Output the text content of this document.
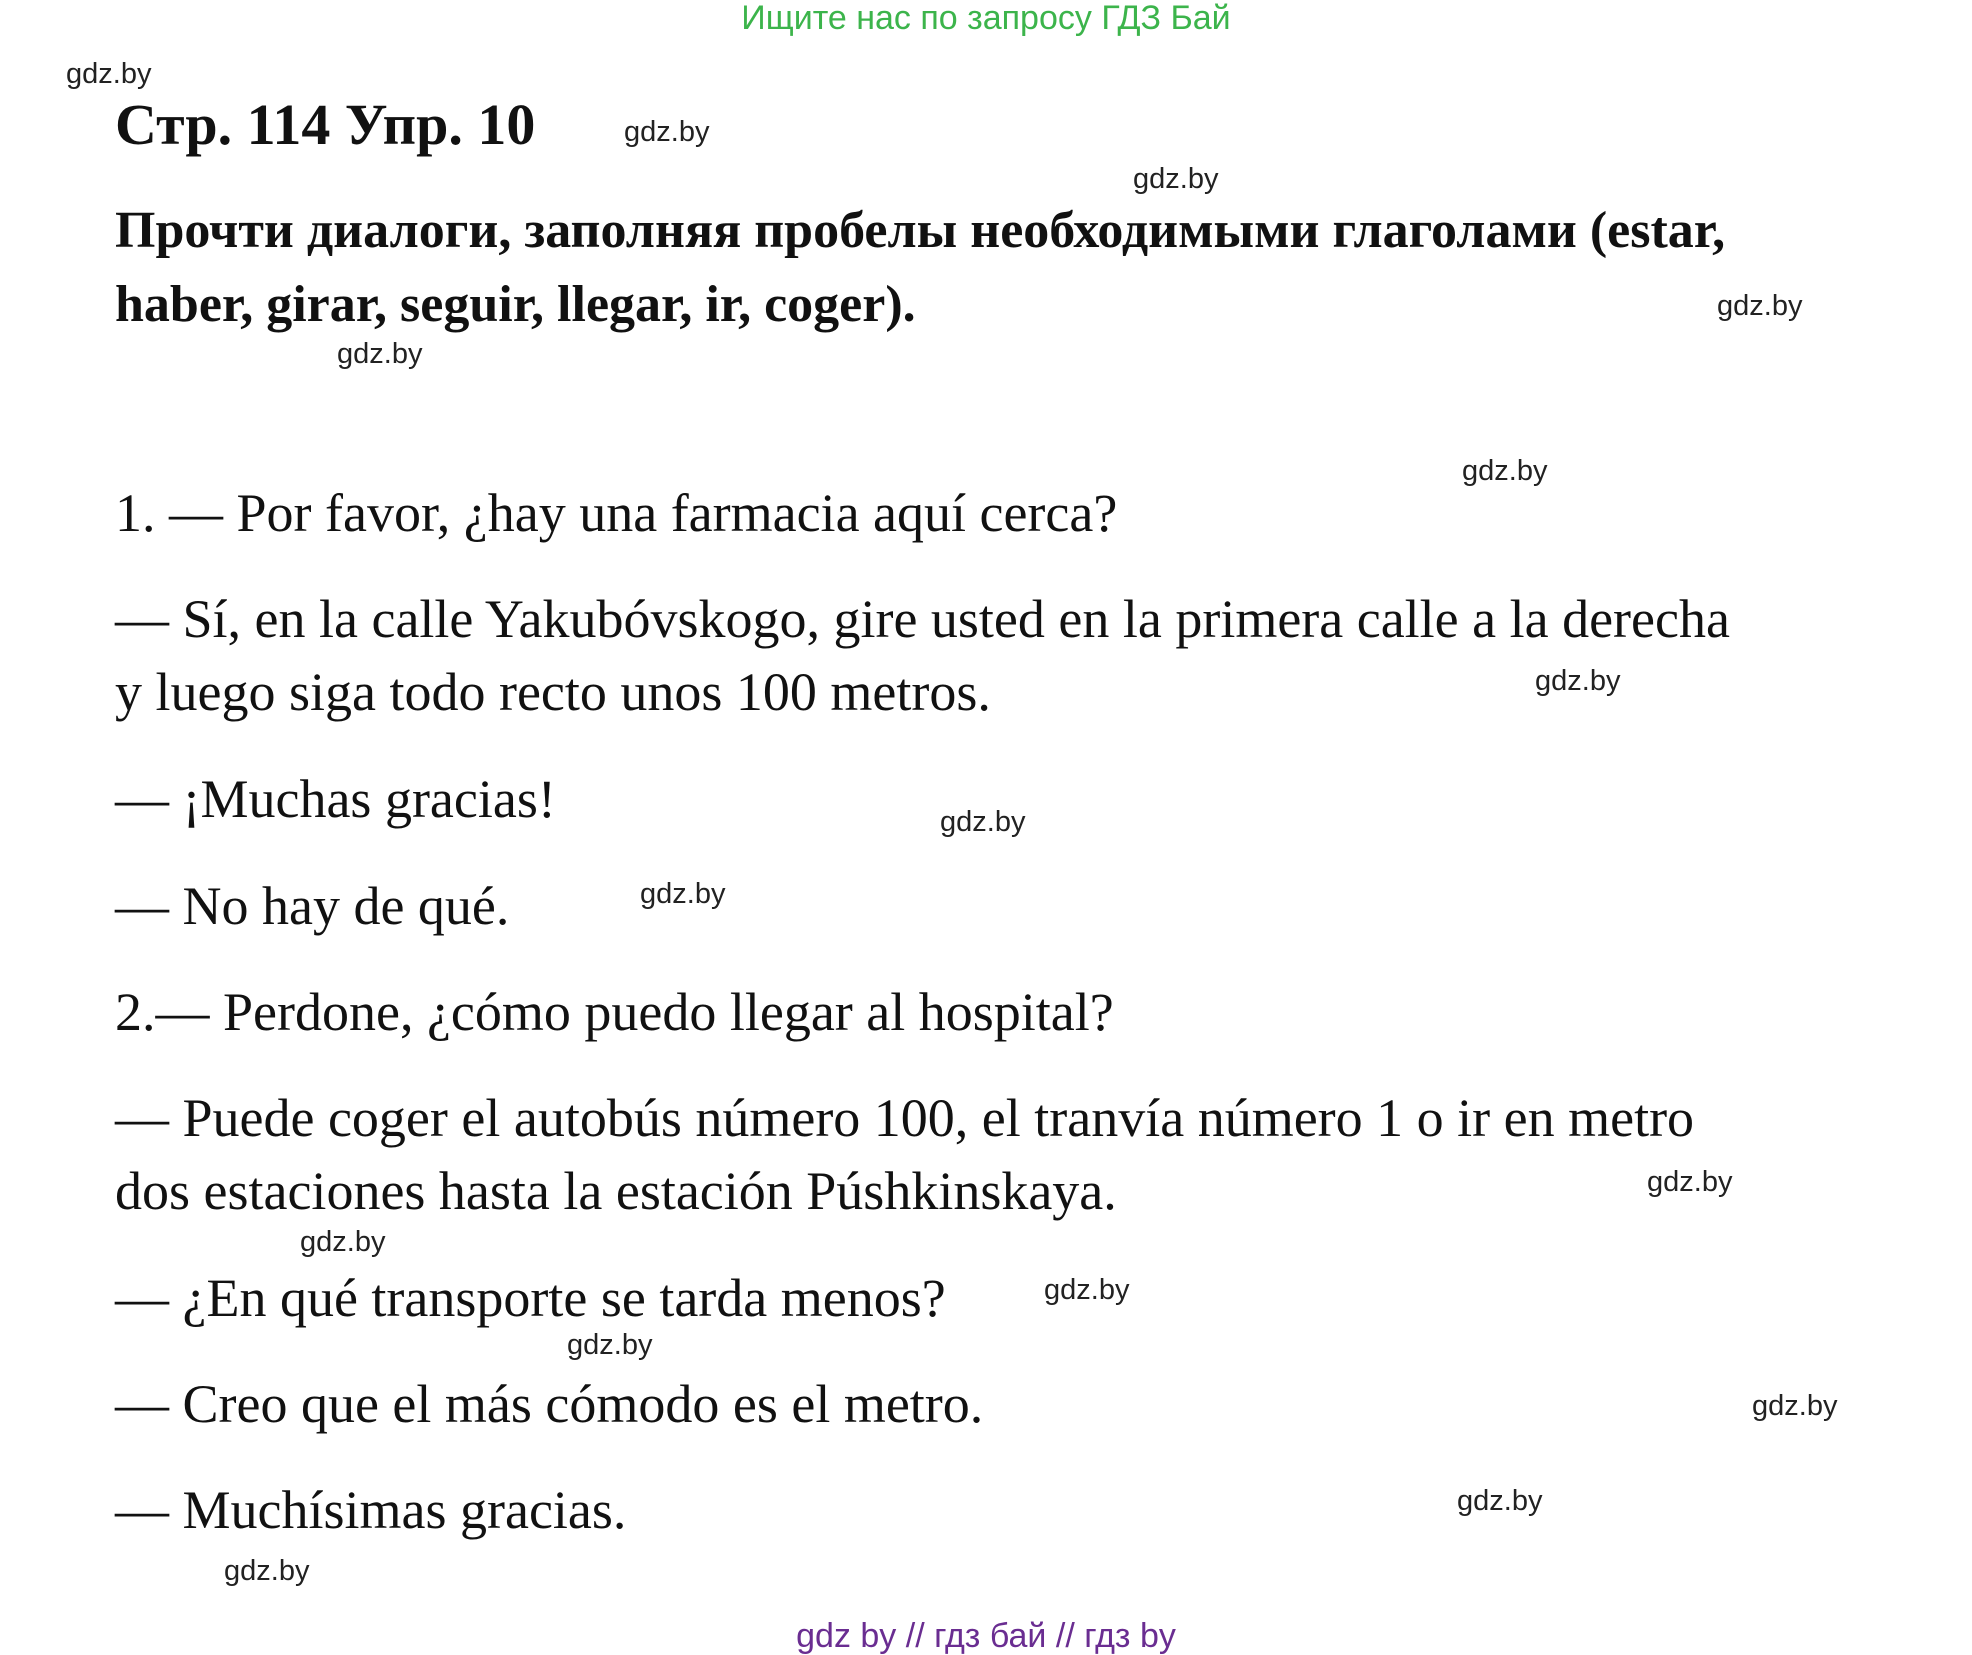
Ищите нас по запросу ГДЗ Бай
Стр. 114 Упр. 10

Прочти диалоги, заполняя пробелы необходимыми глаголами (estar, haber, girar, seguir, llegar, ir, coger).

1. — Por favor, ¿hay una farmacia aquí cerca?

— Sí, en la calle Yakubóvskogo, gire usted en la primera calle a la derecha

y luego siga todo recto unos 100 metros.

— ¡Muchas gracias!

— No hay de qué.

2.— Perdone, ¿cómo puedo llegar al hospital?

— Puede coger el autobús número 100, el tranvía número 1 o ir en metro

dos estaciones hasta la estación Púshkinskaya.

— ¿En qué transporte se tarda menos?

— Creo que el más cómodo es el metro.

— Muchísimas gracias.

gdz.by
gdz.by
gdz.by
gdz.by
gdz.by
gdz.by
gdz.by
gdz.by
gdz.by
gdz.by
gdz.by
gdz.by
gdz.by
gdz.by
gdz.by
gdz.by
gdz by // гдз бай // гдз by
